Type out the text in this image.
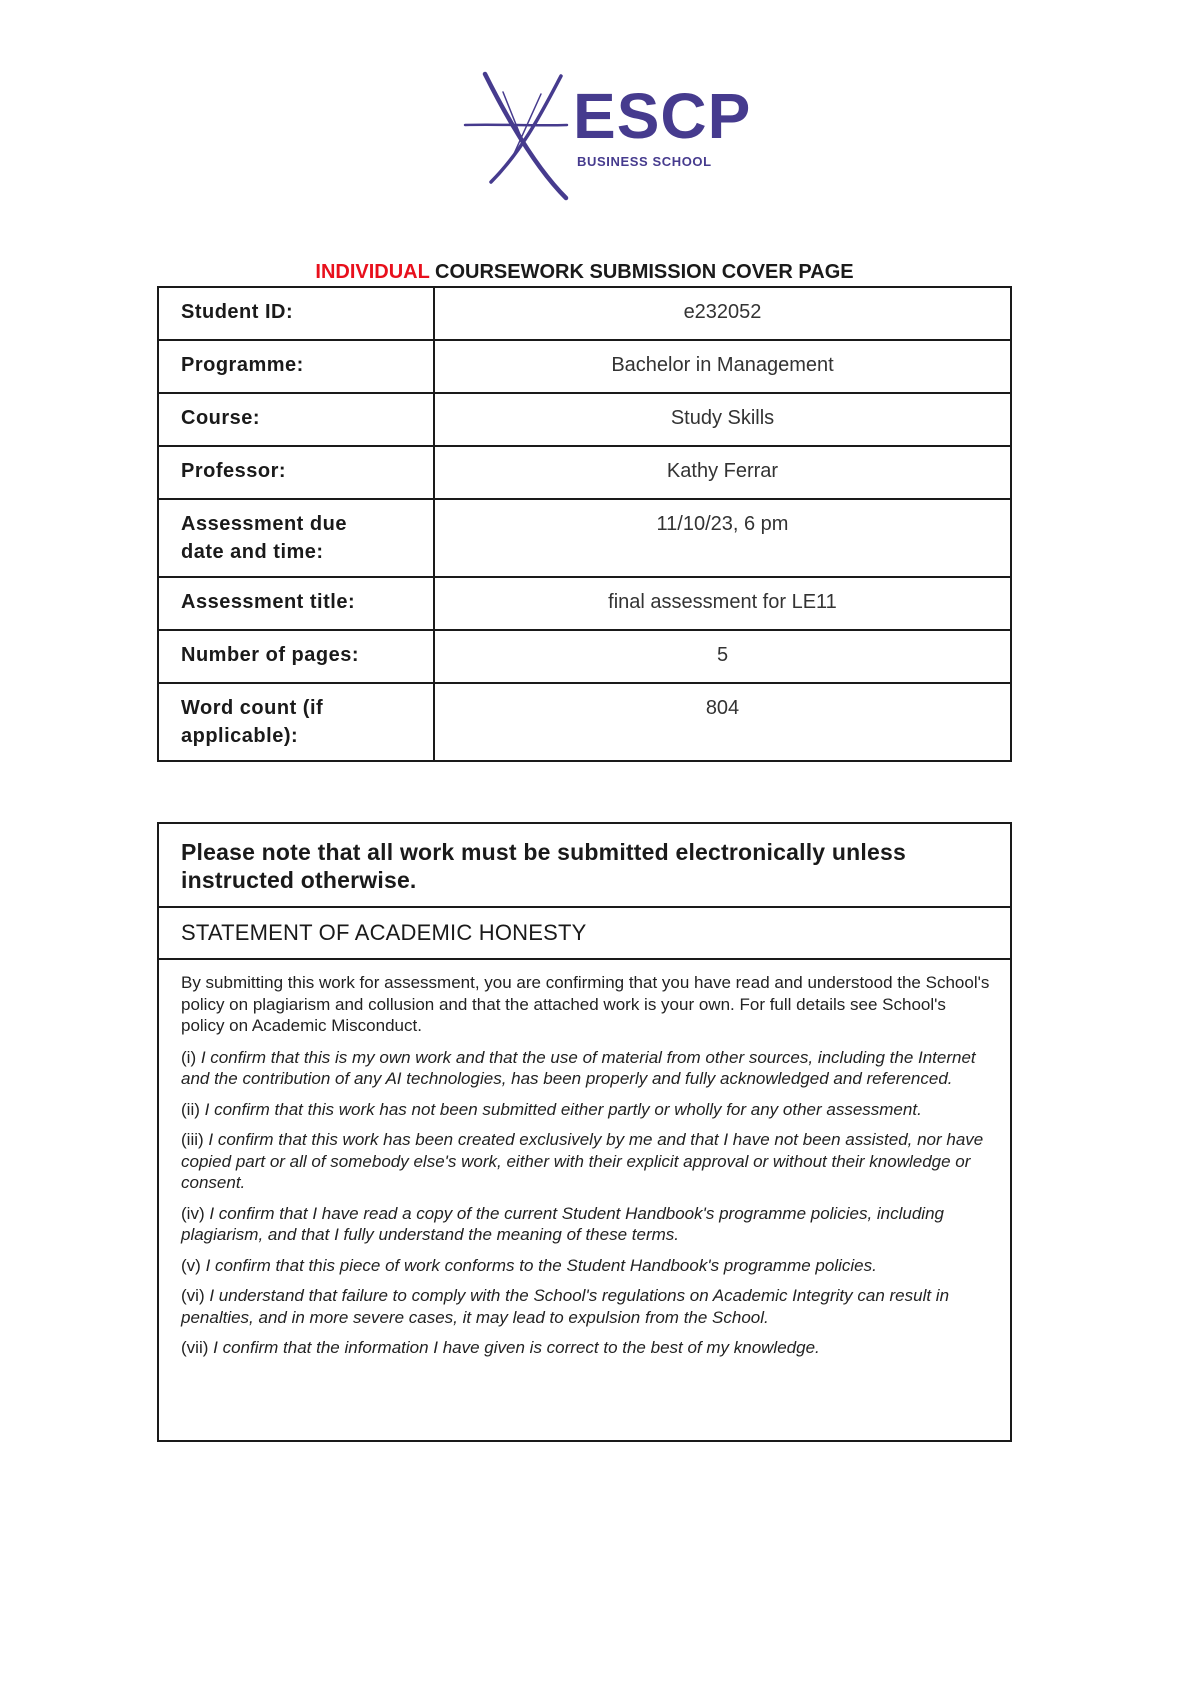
ESCP
BUSINESS SCHOOL
INDIVIDUAL COURSEWORK SUBMISSION COVER PAGE
Student ID:	e232052
Programme:	Bachelor in Management
Course:	Study Skills
Professor:	Kathy Ferrar
Assessment due
date and time:	11/10/23, 6 pm
Assessment title:	final assessment for LE11
Number of pages:	5
Word count (if
applicable):	804
Please note that all work must be submitted electronically unless instructed otherwise.
STATEMENT OF ACADEMIC HONESTY

By submitting this work for assessment, you are confirming that you have read and understood the School's policy on plagiarism and collusion and that the attached work is your own. For full details see School's policy on Academic Misconduct.

(i) I confirm that this is my own work and that the use of material from other sources, including the Internet and the contribution of any AI technologies, has been properly and fully acknowledged and referenced.

(ii) I confirm that this work has not been submitted either partly or wholly for any other assessment.

(iii) I confirm that this work has been created exclusively by me and that I have not been assisted, nor have copied part or all of somebody else's work, either with their explicit approval or without their knowledge or consent.

(iv) I confirm that I have read a copy of the current Student Handbook's programme policies, including plagiarism, and that I fully understand the meaning of these terms.

(v) I confirm that this piece of work conforms to the Student Handbook's programme policies.

(vi) I understand that failure to comply with the School's regulations on Academic Integrity can result in penalties, and in more severe cases, it may lead to expulsion from the School.

(vii) I confirm that the information I have given is correct to the best of my knowledge.
